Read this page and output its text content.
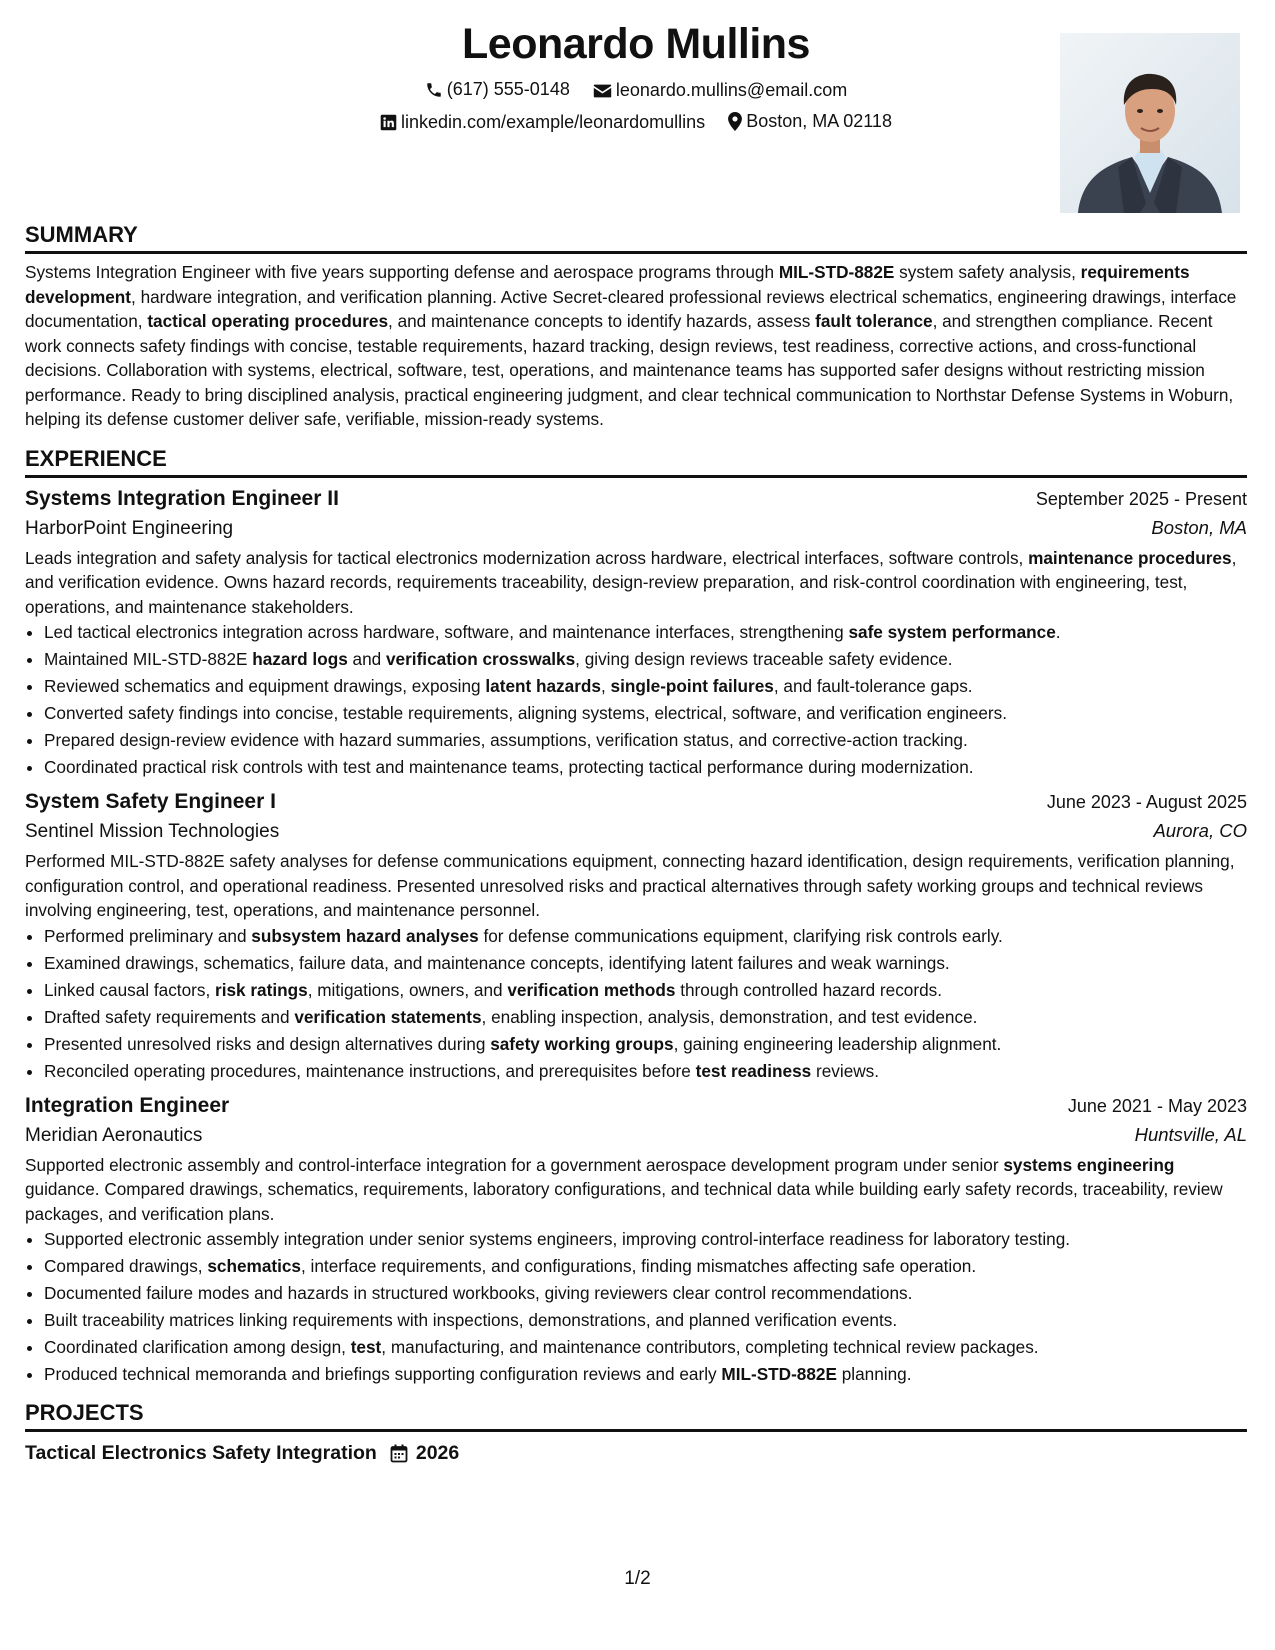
Leonardo Mullins
(617) 555-0148
	leonardo.mullins@email.com
linkedin.com/example/leonardomullins
Boston, MA 02118
SUMMARY
Systems Integration Engineer with five years supporting defense and aerospace programs through MIL-STD-882E system safety analysis, requirements development, hardware integration, and verification planning. Active Secret-cleared professional reviews electrical schematics, engineering drawings, interface documentation, tactical operating procedures, and maintenance concepts to identify hazards, assess fault tolerance, and strengthen compliance. Recent work connects safety findings with concise, testable requirements, hazard tracking, design reviews, test readiness, corrective actions, and cross-functional decisions. Collaboration with systems, electrical, software, test, operations, and maintenance teams has supported safer designs without restricting mission performance. Ready to bring disciplined analysis, practical engineering judgment, and clear technical communication to Northstar Defense Systems in Woburn, helping its defense customer deliver safe, verifiable, mission-ready systems.
EXPERIENCE
Systems Integration Engineer II	September 2025 - Present
HarborPoint Engineering	Boston, MA
Leads integration and safety analysis for tactical electronics modernization across hardware, electrical interfaces, software controls, maintenance procedures, and verification evidence. Owns hazard records, requirements traceability, design-review preparation, and risk-control coordination with engineering, test, operations, and maintenance stakeholders.
• Led tactical electronics integration across hardware, software, and maintenance interfaces, strengthening safe system performance.
• Maintained MIL-STD-882E hazard logs and verification crosswalks, giving design reviews traceable safety evidence.
• Reviewed schematics and equipment drawings, exposing latent hazards, single-point failures, and fault-tolerance gaps.
• Converted safety findings into concise, testable requirements, aligning systems, electrical, software, and verification engineers.
• Prepared design-review evidence with hazard summaries, assumptions, verification status, and corrective-action tracking.
• Coordinated practical risk controls with test and maintenance teams, protecting tactical performance during modernization.
System Safety Engineer I	June 2023 - August 2025
Sentinel Mission Technologies	Aurora, CO
Performed MIL-STD-882E safety analyses for defense communications equipment, connecting hazard identification, design requirements, verification planning, configuration control, and operational readiness. Presented unresolved risks and practical alternatives through safety working groups and technical reviews involving engineering, test, operations, and maintenance personnel.
• Performed preliminary and subsystem hazard analyses for defense communications equipment, clarifying risk controls early.
• Examined drawings, schematics, failure data, and maintenance concepts, identifying latent failures and weak warnings.
• Linked causal factors, risk ratings, mitigations, owners, and verification methods through controlled hazard records.
• Drafted safety requirements and verification statements, enabling inspection, analysis, demonstration, and test evidence.
• Presented unresolved risks and design alternatives during safety working groups, gaining engineering leadership alignment.
• Reconciled operating procedures, maintenance instructions, and prerequisites before test readiness reviews.
Integration Engineer	June 2021 - May 2023
Meridian Aeronautics	Huntsville, AL
Supported electronic assembly and control-interface integration for a government aerospace development program under senior systems engineering guidance. Compared drawings, schematics, requirements, laboratory configurations, and technical data while building early safety records, traceability, review packages, and verification plans.
• Supported electronic assembly integration under senior systems engineers, improving control-interface readiness for laboratory testing.
• Compared drawings, schematics, interface requirements, and configurations, finding mismatches affecting safe operation.
• Documented failure modes and hazards in structured workbooks, giving reviewers clear control recommendations.
• Built traceability matrices linking requirements with inspections, demonstrations, and planned verification events.
• Coordinated clarification among design, test, manufacturing, and maintenance contributors, completing technical review packages.
• Produced technical memoranda and briefings supporting configuration reviews and early MIL-STD-882E planning.
PROJECTS
Tactical Electronics Safety Integration 2026
1/2
